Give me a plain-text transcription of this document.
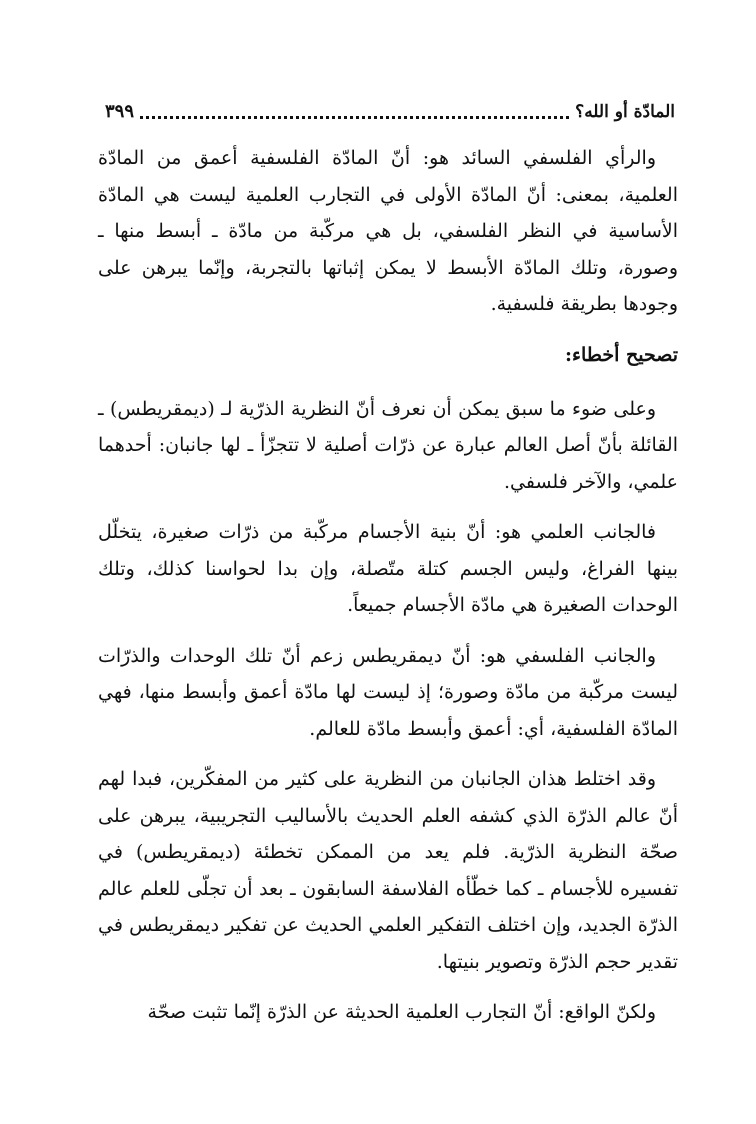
المادّة أو الله؟
٣٩٩

والرأي الفلسفي السائد هو: أنّ المادّة الفلسفية أعمق من المادّة العلمية، بمعنى: أنّ المادّة الأولى في التجارب العلمية ليست هي المادّة الأساسية في النظر الفلسفي، بل هي مركّبة من مادّة ـ أبسط منها ـ وصورة، وتلك المادّة الأبسط لا يمكن إثباتها بالتجربة، وإنّما يبرهن على وجودها بطريقة فلسفية.

تصحيح أخطاء:

وعلى ضوء ما سبق يمكن أن نعرف أنّ النظرية الذرّية لـ (ديمقريطس) ـ القائلة بأنّ أصل العالم عبارة عن ذرّات أصلية لا تتجزّأ ـ لها جانبان: أحدهما علمي، والآخر فلسفي.

فالجانب العلمي هو: أنّ بنية الأجسام مركّبة من ذرّات صغيرة، يتخلّل بينها الفراغ، وليس الجسم كتلة متّصلة، وإن بدا لحواسنا كذلك، وتلك الوحدات الصغيرة هي مادّة الأجسام جميعاً.

والجانب الفلسفي هو: أنّ ديمقريطس زعم أنّ تلك الوحدات والذرّات ليست مركّبة من مادّة وصورة؛ إذ ليست لها مادّة أعمق وأبسط منها، فهي المادّة الفلسفية، أي: أعمق وأبسط مادّة للعالم.

وقد اختلط هذان الجانبان من النظرية على كثير من المفكّرين، فبدا لهم أنّ عالم الذرّة الذي كشفه العلم الحديث بالأساليب التجريبية، يبرهن على صحّة النظرية الذرّية. فلم يعد من الممكن تخطئة (ديمقريطس) في تفسيره للأجسام ـ كما خطّأه الفلاسفة السابقون ـ بعد أن تجلّى للعلم عالم الذرّة الجديد، وإن اختلف التفكير العلمي الحديث عن تفكير ديمقريطس في تقدير حجم الذرّة وتصوير بنيتها.

ولكنّ الواقع: أنّ التجارب العلمية الحديثة عن الذرّة إنّما تثبت صحّة
